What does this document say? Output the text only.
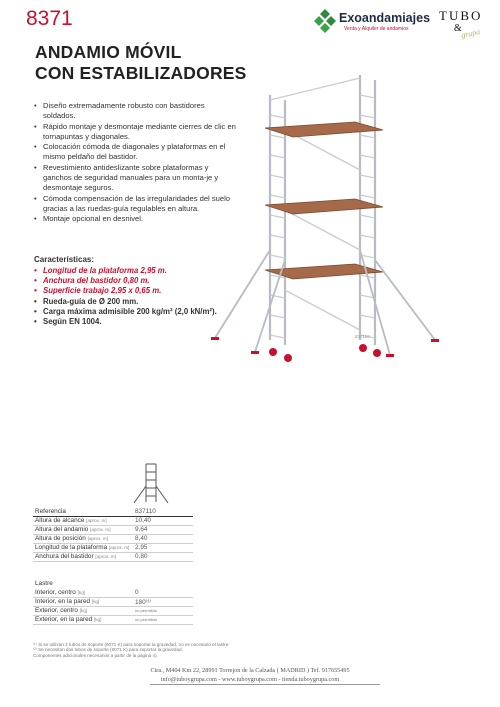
8371	Exoandamiajes
Venta y Alquiler de andamios
TUBO
&
grupa
ANDAMIO MÓVIL
CON ESTABILIZADORES
• Diseño extremadamente robusto con bastidores soldados.
• Rápido montaje y desmontaje mediante cierres de clic en tornapuntas y diagonales.
• Colocación cómoda de diagonales y plataformas en el mismo peldaño del bastidor.
• Revestimiento antideslizante sobre plataformas y ganchos de seguridad manuales para un monta-je y desmontaje seguros.
• Cómoda compensación de las irregularidades del suelo gracias a las ruedas-guía regulables en altura.
• Montaje opcional en desnivel.
Características:
• Longitud de la plataforma 2,95 m.
• Anchura del bastidor 0,80 m.
• Superficie trabajo 2,95 x 0,65 m.
• Rueda-guía de Ø 200 mm.
• Carga máxima admisible 200 kg/m² (2,0 kN/m²).
• Según EN 1004.
837110
Referencia	837110
Altura de alcance [aprox. m]	10,40
Altura del andamio [aprox. m]	9,64
Altura de posición [aprox. m]	8,40
Longitud de la plataforma [aprox. m]	2,95
Anchura del bastidor [aprox. m]	0,80
Lastre	
Interior, centro [kg]	0
Interior, en la pared [kg]	180⁽¹⁾
Exterior, centro [kg]	no permitido
Exterior, en la pared [kg]	no permitido
⁽¹⁾ Si se utilizan 2 tubos de soporte (6071 K) para soportar la gravedad, no es necesario el lastre.
⁽²⁾ Se necesitan dos tubos de soporte (6071 K) para soportar la gravedad.
Componentes adicionales necesarios a partir de la página 4).
Ctra., M404 Km 22, 28991 Torrejon de la Calzada ( MADRID ) Tef. 917655495
info@tuboygrupa.com - www.tuboygrupa.com - tienda.tuboygrupa.com
